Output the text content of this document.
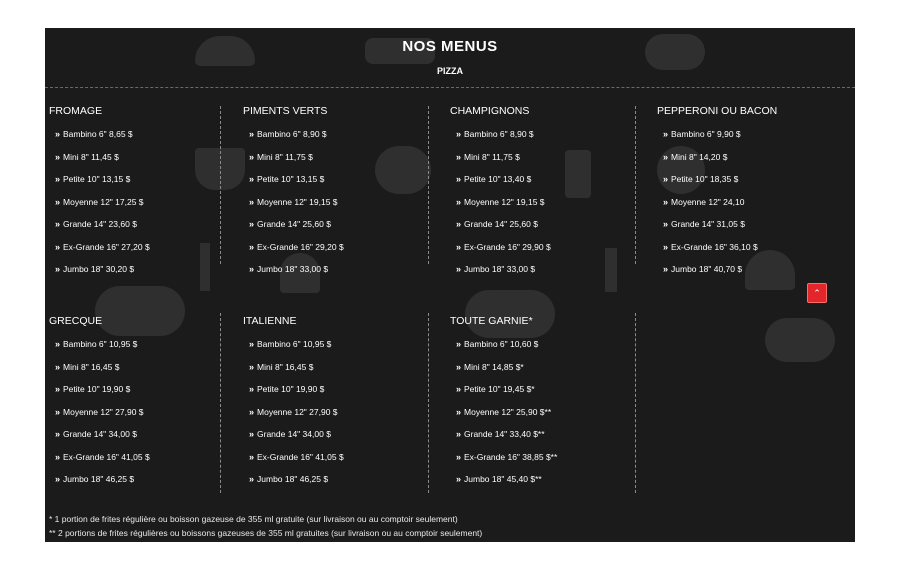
NOS MENUS
PIZZA
FROMAGE
» Bambino 6" 8,65 $
» Mini 8" 11,45 $
» Petite 10" 13,15 $
» Moyenne 12" 17,25 $
» Grande 14" 23,60 $
» Ex-Grande 16" 27,20 $
» Jumbo 18" 30,20 $
PIMENTS VERTS
» Bambino 6" 8,90 $
» Mini 8" 11,75 $
» Petite 10" 13,15 $
» Moyenne 12" 19,15 $
» Grande 14" 25,60 $
» Ex-Grande 16" 29,20 $
» Jumbo 18" 33,00 $
CHAMPIGNONS
» Bambino 6" 8,90 $
» Mini 8" 11,75 $
» Petite 10" 13,40 $
» Moyenne 12" 19,15 $
» Grande 14" 25,60 $
» Ex-Grande 16" 29,90 $
» Jumbo 18" 33,00 $
PEPPERONI OU BACON
» Bambino 6" 9,90 $
» Mini 8" 14,20 $
» Petite 10" 18,35 $
» Moyenne 12" 24,10
» Grande 14" 31,05 $
» Ex-Grande 16" 36,10 $
» Jumbo 18" 40,70 $
GRECQUE
» Bambino 6" 10,95 $
» Mini 8" 16,45 $
» Petite 10" 19,90 $
» Moyenne 12" 27,90 $
» Grande 14" 34,00 $
» Ex-Grande 16" 41,05 $
» Jumbo 18" 46,25 $
ITALIENNE
» Bambino 6" 10,95 $
» Mini 8" 16,45 $
» Petite 10" 19,90 $
» Moyenne 12" 27,90 $
» Grande 14" 34,00 $
» Ex-Grande 16" 41,05 $
» Jumbo 18" 46,25 $
TOUTE GARNIE*
» Bambino 6" 10,60 $
» Mini 8" 14,85 $*
» Petite 10" 19,45 $*
» Moyenne 12" 25,90 $**
» Grande 14" 33,40 $**
» Ex-Grande 16" 38,85 $**
» Jumbo 18" 45,40 $**
⌃
* 1 portion de frites régulière ou boisson gazeuse de 355 ml gratuite (sur livraison ou au comptoir seulement)
** 2 portions de frites régulières ou boissons gazeuses de 355 ml gratuites (sur livraison ou au comptoir seulement)
